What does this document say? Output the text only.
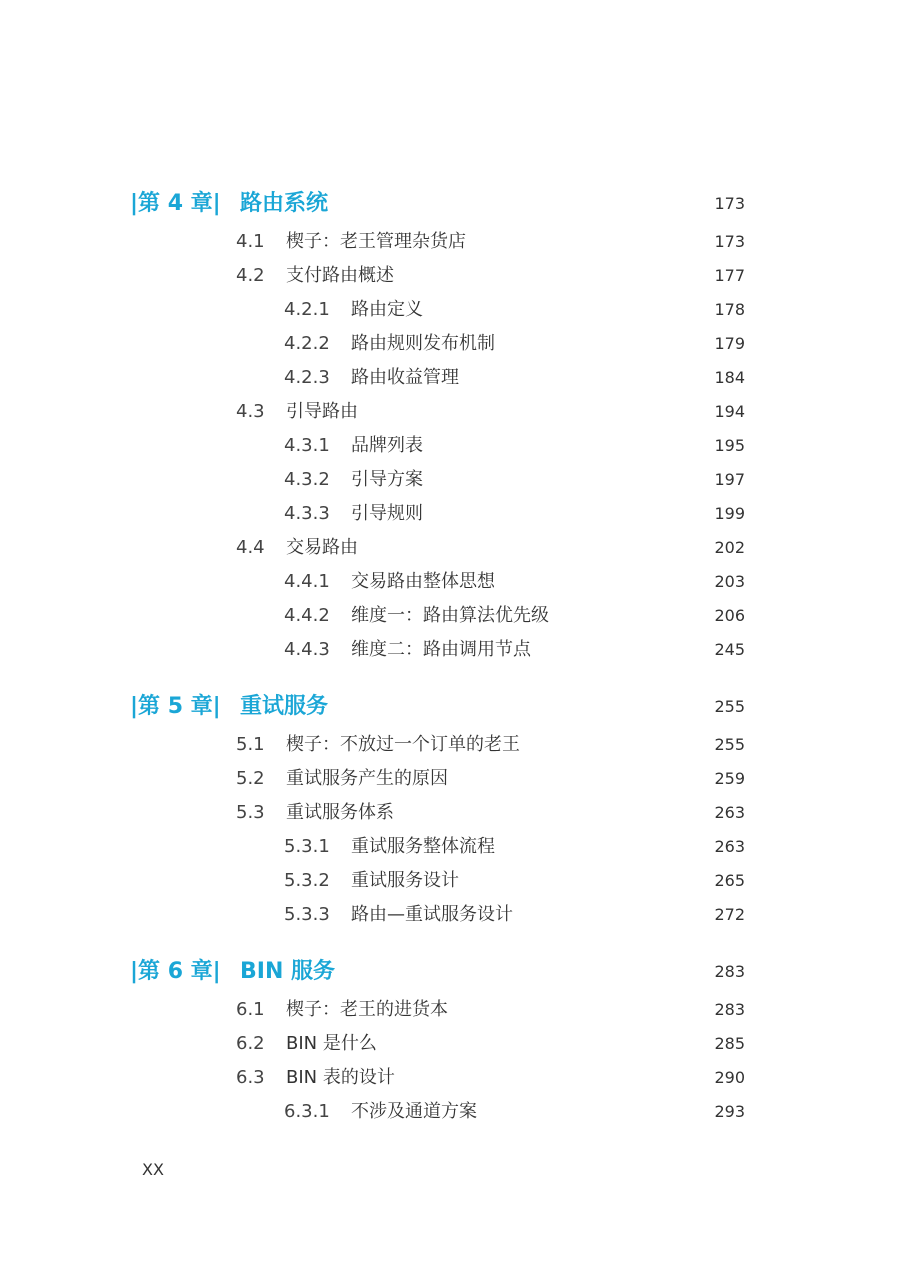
|第 4 章| 路由系统	173
4.1 楔子：老王管理杂货店	173
4.2 支付路由概述	177
4.2.1 路由定义	178
4.2.2 路由规则发布机制	179
4.2.3 路由收益管理	184
4.3 引导路由	194
4.3.1 品牌列表	195
4.3.2 引导方案	197
4.3.3 引导规则	199
4.4 交易路由	202
4.4.1 交易路由整体思想	203
4.4.2 维度一：路由算法优先级	206
4.4.3 维度二：路由调用节点	245
|第 5 章| 重试服务	255
5.1 楔子：不放过一个订单的老王	255
5.2 重试服务产生的原因	259
5.3 重试服务体系	263
5.3.1 重试服务整体流程	263
5.3.2 重试服务设计	265
5.3.3 路由—重试服务设计	272
|第 6 章| BIN 服务	283
6.1 楔子：老王的进货本	283
6.2 BIN 是什么	285
6.3 BIN 表的设计	290
6.3.1 不涉及通道方案	293
XX
